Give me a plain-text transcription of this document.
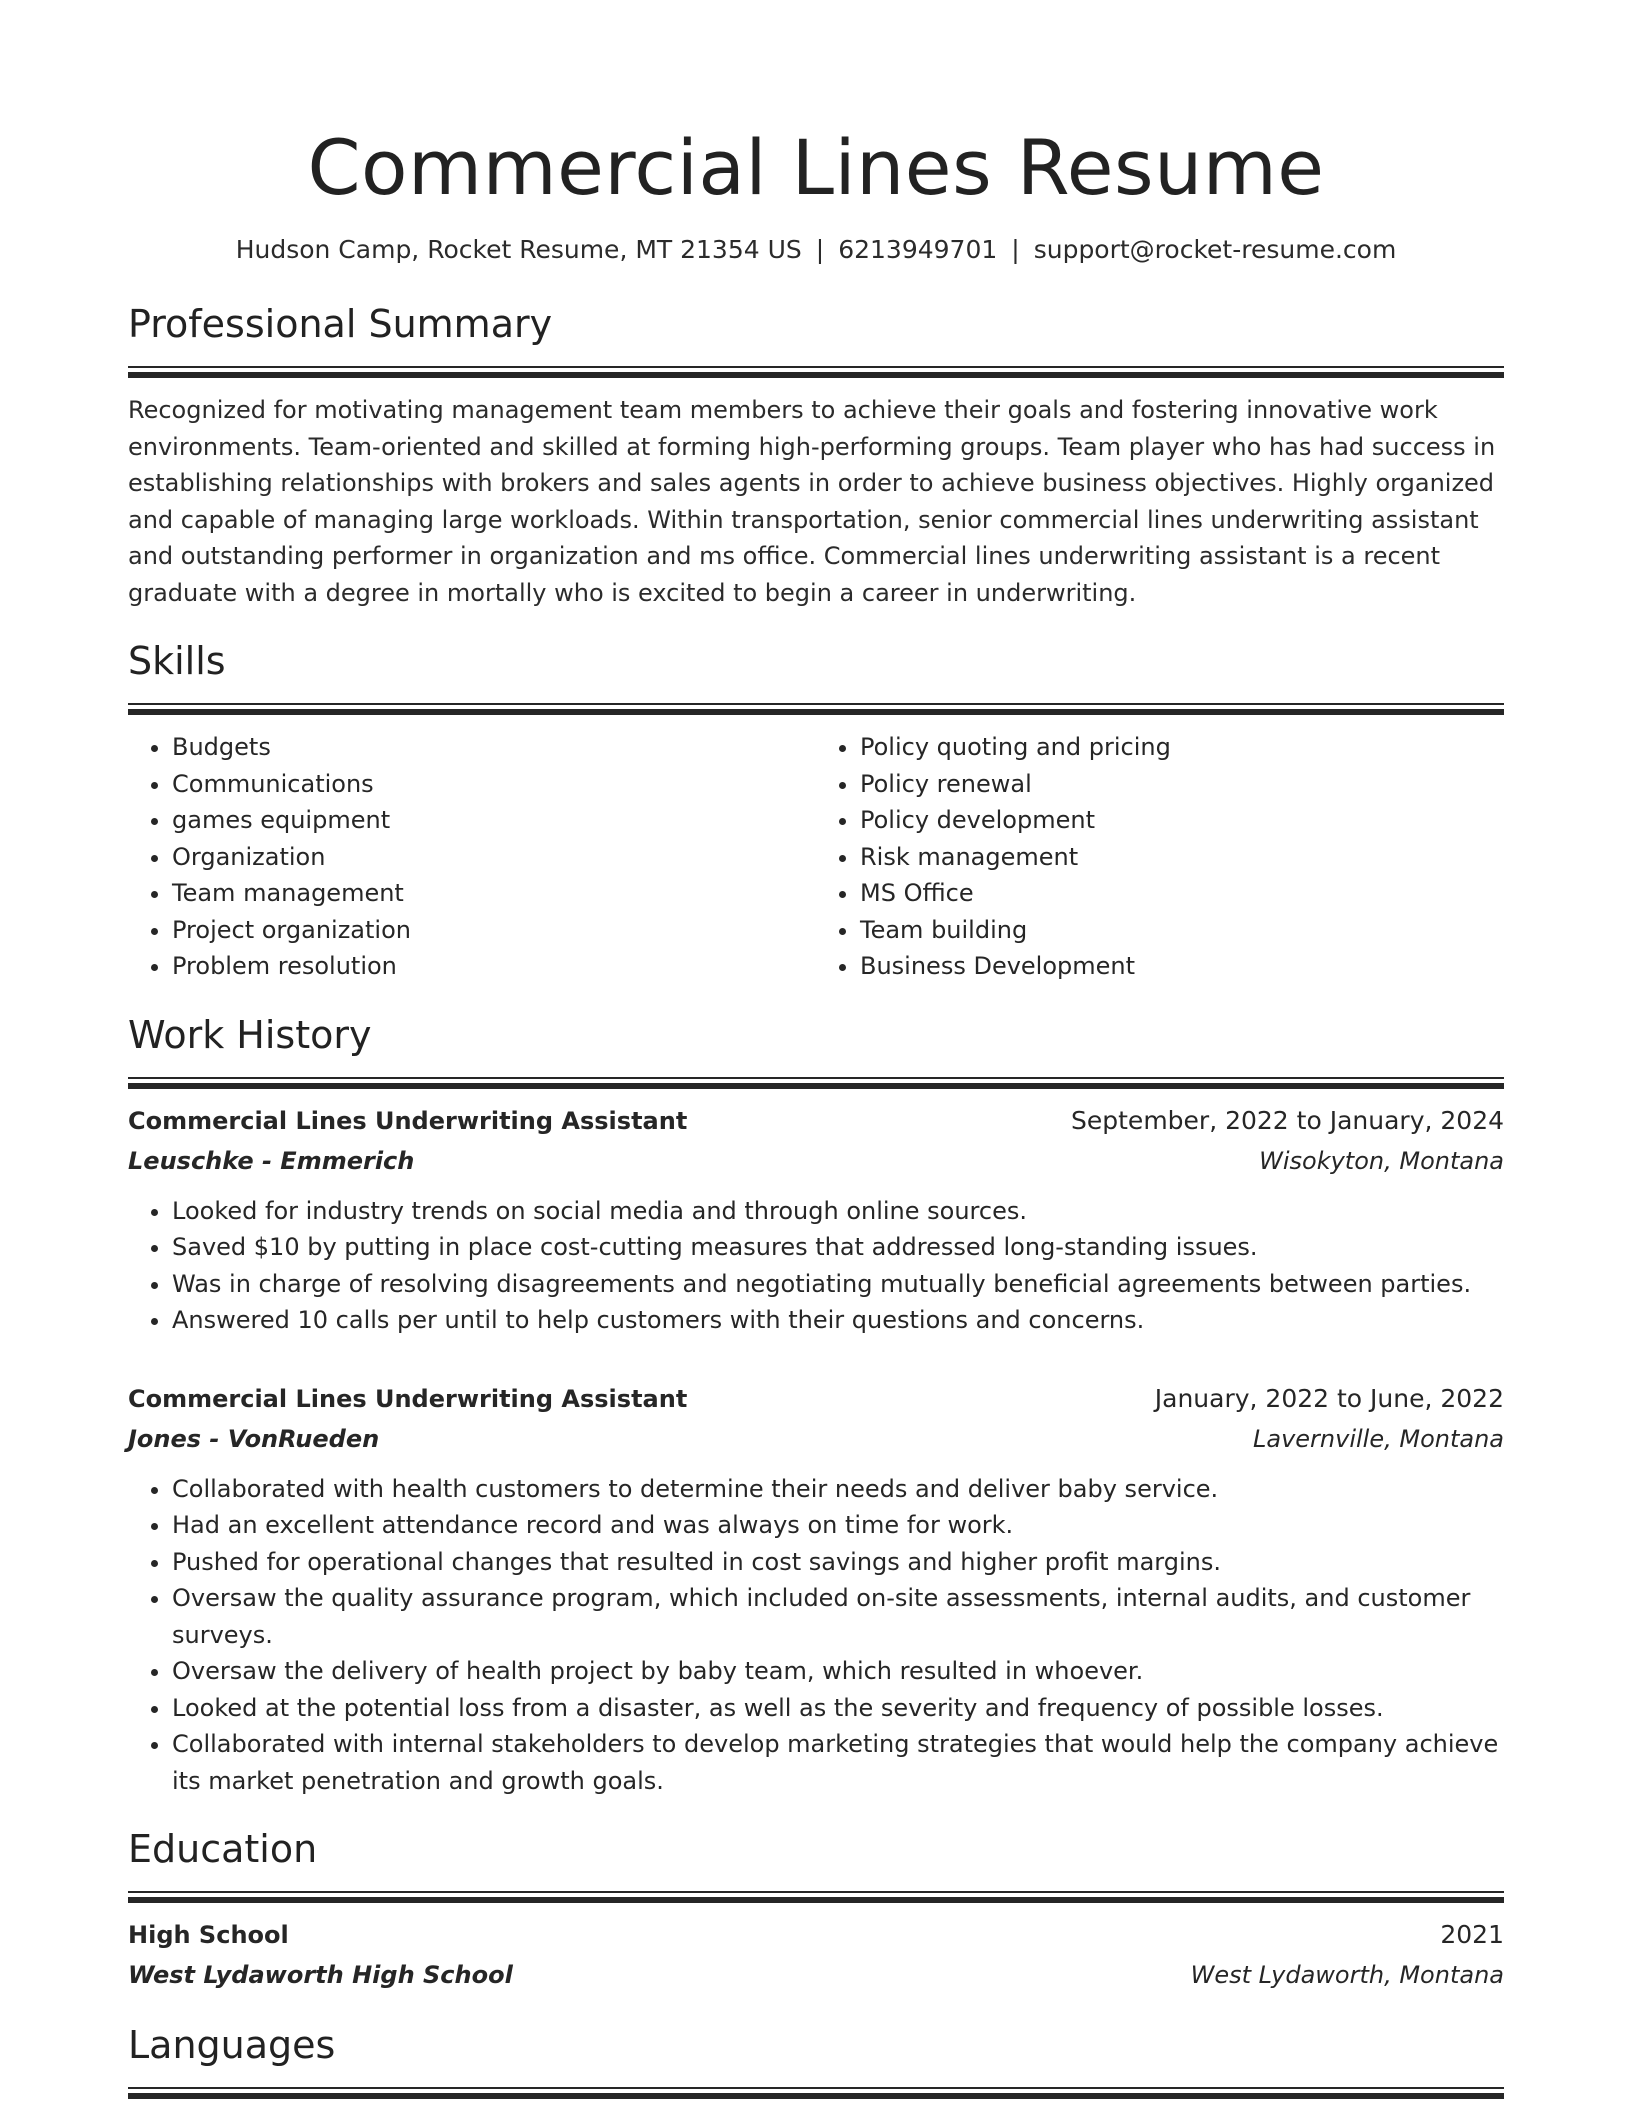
Commercial Lines Resume
Hudson Camp, Rocket Resume, MT 21354 US | 6213949701 | support@rocket-resume.com
Professional Summary
Recognized for motivating management team members to achieve their goals and fostering innovative work environments. Team-oriented and skilled at forming high-performing groups. Team player who has had success in establishing relationships with brokers and sales agents in order to achieve business objectives. Highly organized and capable of managing large workloads. Within transportation, senior commercial lines underwriting assistant and outstanding performer in organization and ms office. Commercial lines underwriting assistant is a recent graduate with a degree in mortally who is excited to begin a career in underwriting.
Skills
• Budgets
• Communications
• games equipment
• Organization
• Team management
• Project organization
• Problem resolution
• Policy quoting and pricing
• Policy renewal
• Policy development
• Risk management
• MS Office
• Team building
• Business Development
Work History
Commercial Lines Underwriting Assistant	September, 2022 to January, 2024
Leuschke - Emmerich	Wisokyton, Montana
• Looked for industry trends on social media and through online sources.
• Saved $10 by putting in place cost-cutting measures that addressed long-standing issues.
• Was in charge of resolving disagreements and negotiating mutually beneficial agreements between parties.
• Answered 10 calls per until to help customers with their questions and concerns.
Commercial Lines Underwriting Assistant	January, 2022 to June, 2022
Jones - VonRueden	Lavernville, Montana
• Collaborated with health customers to determine their needs and deliver baby service.
• Had an excellent attendance record and was always on time for work.
• Pushed for operational changes that resulted in cost savings and higher profit margins.
• Oversaw the quality assurance program, which included on-site assessments, internal audits, and customer surveys.
• Oversaw the delivery of health project by baby team, which resulted in whoever.
• Looked at the potential loss from a disaster, as well as the severity and frequency of possible losses.
• Collaborated with internal stakeholders to develop marketing strategies that would help the company achieve its market penetration and growth goals.
Education
High School	2021
West Lydaworth High School	West Lydaworth, Montana
Languages
